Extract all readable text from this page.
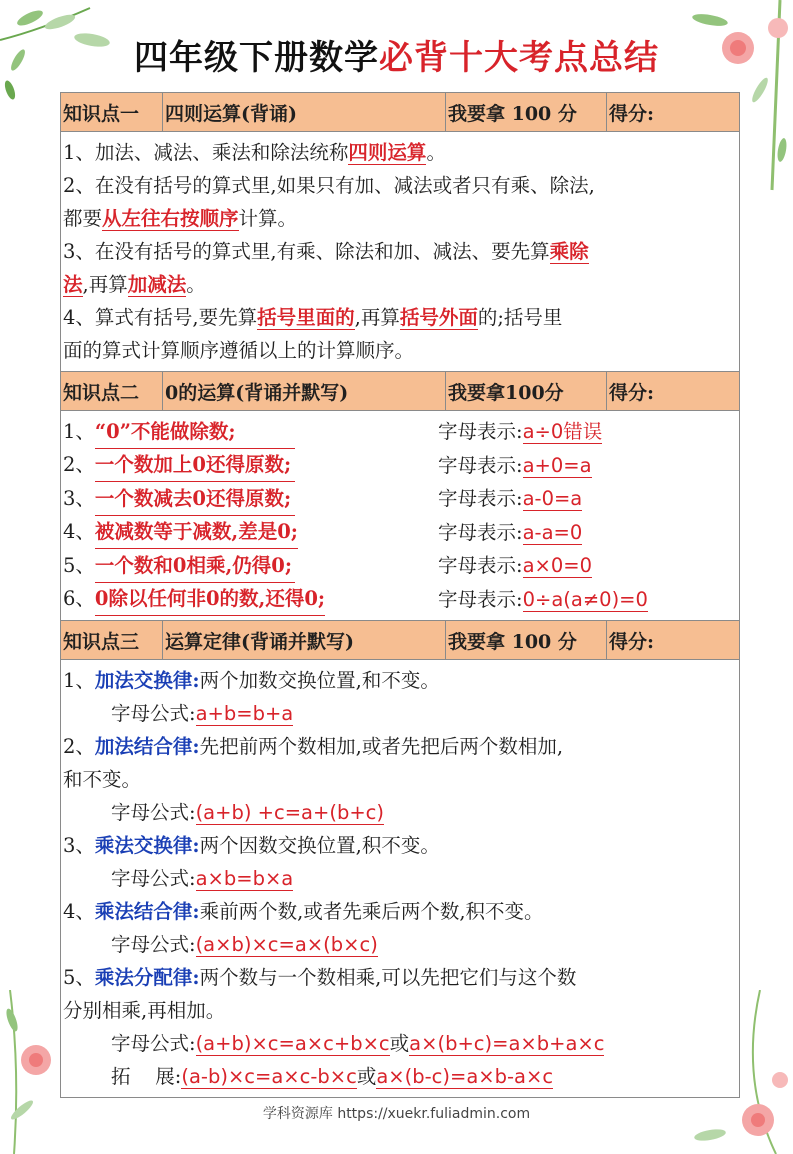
四年级下册数学必背十大考点总结
知识点一	四则运算(背诵)	我要拿 100 分	得分:
1、加法、减法、乘法和除法统称四则运算。
2、在没有括号的算式里,如果只有加、减法或者只有乘、除法,
都要从左往右按顺序计算。
3、在没有括号的算式里,有乘、除法和加、减法、要先算乘除
法,再算加减法。
4、算式有括号,要先算括号里面的,再算括号外面的;括号里
面的算式计算顺序遵循以上的计算顺序。
知识点二	0的运算(背诵并默写)	我要拿100分	得分:
1、“0”不能做除数;	字母表示:a÷0错误
2、一个数加上0还得原数;	字母表示:a+0=a
3、一个数减去0还得原数;	字母表示:a-0=a
4、被减数等于减数,差是0;	字母表示:a-a=0
5、一个数和0相乘,仍得0;	字母表示:a×0=0
6、0除以任何非0的数,还得0;	字母表示:0÷a(a≠0)=0
知识点三	运算定律(背诵并默写)	我要拿 100 分	得分:
1、加法交换律:两个加数交换位置,和不变。
字母公式:a+b=b+a
2、加法结合律:先把前两个数相加,或者先把后两个数相加,
和不变。
字母公式:(a+b) +c=a+(b+c)
3、乘法交换律:两个因数交换位置,积不变。
字母公式:a×b=b×a
4、乘法结合律:乘前两个数,或者先乘后两个数,积不变。
字母公式:(a×b)×c=a×(b×c)
5、乘法分配律:两个数与一个数相乘,可以先把它们与这个数
分别相乘,再相加。
字母公式:(a+b)×c=a×c+b×c或a×(b+c)=a×b+a×c
拓    展:(a-b)×c=a×c-b×c或a×(b-c)=a×b-a×c
学科资源库 https://xuekr.fuliadmin.com
